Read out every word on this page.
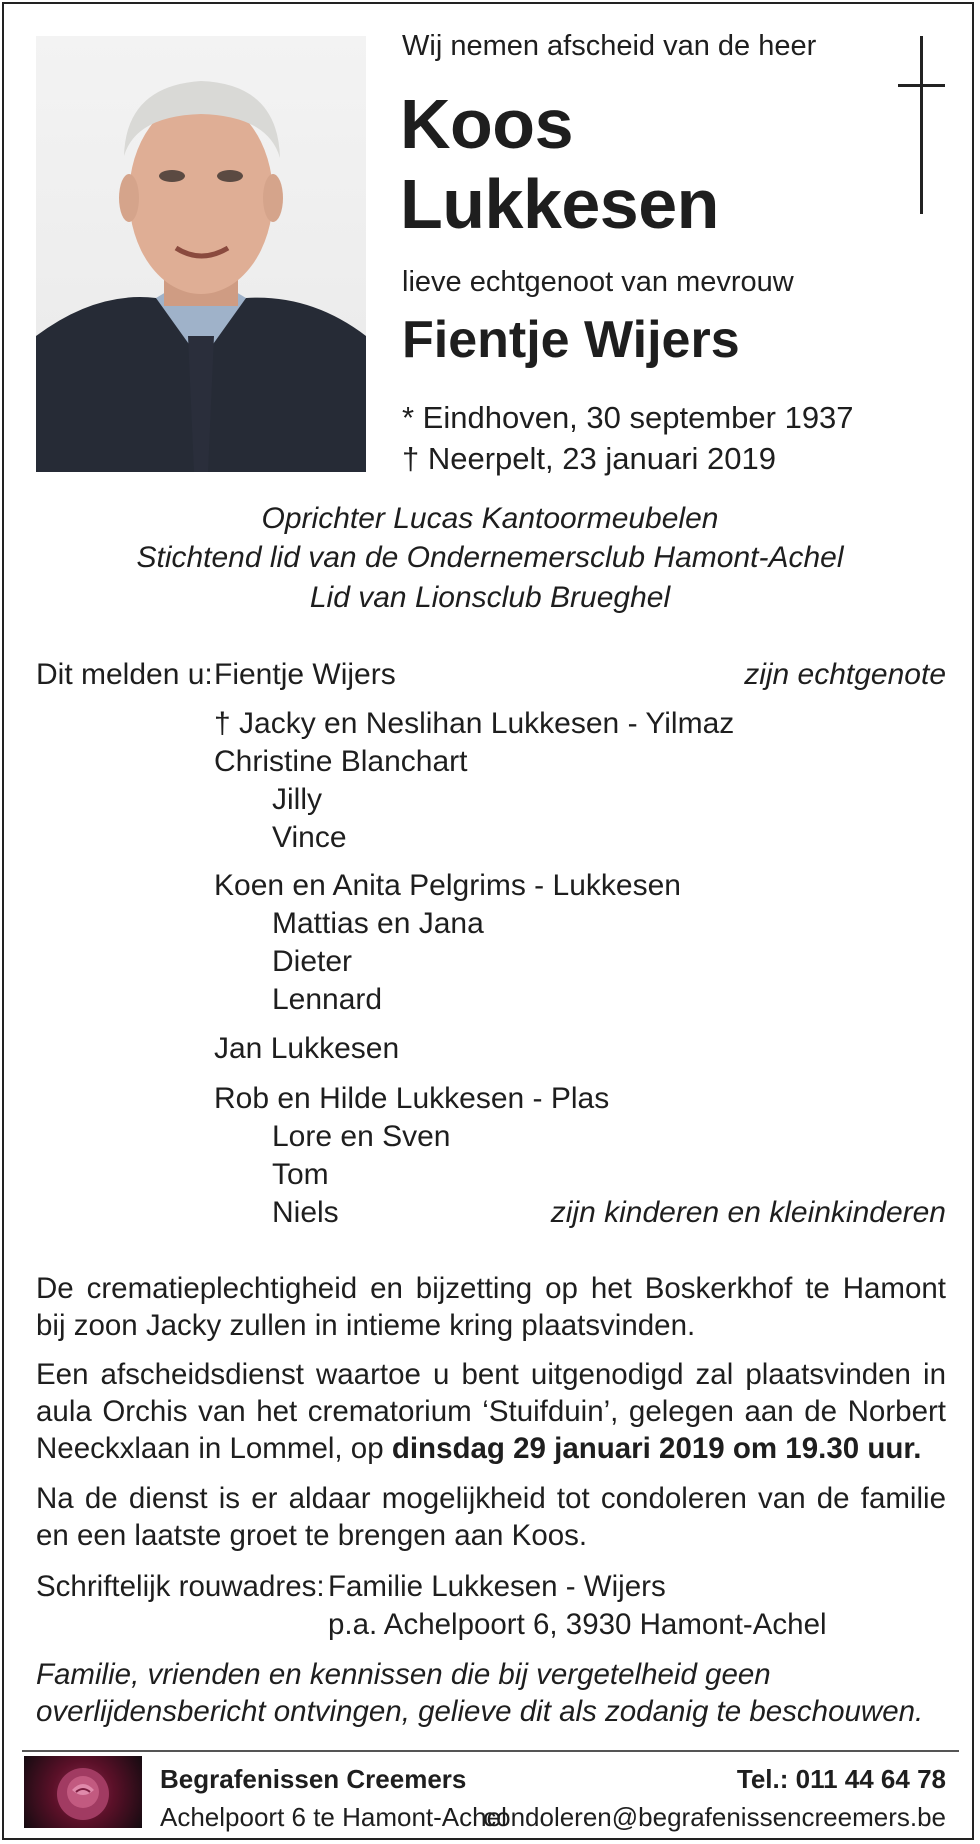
Wij nemen afscheid van de heer
Koos
Lukkesen
lieve echtgenoot van mevrouw
Fientje Wijers
* Eindhoven, 30 september 1937
† Neerpelt, 23 januari 2019
Oprichter Lucas Kantoormeubelen
Stichtend lid van de Ondernemersclub Hamont-Achel
Lid van Lionsclub Brueghel
Dit melden u: Fientje Wijers	zijn echtgenote
† Jacky en Neslihan Lukkesen - Yilmaz
Christine Blanchart
Jilly
Vince
Koen en Anita Pelgrims - Lukkesen
Mattias en Jana
Dieter
Lennard
Jan Lukkesen
Rob en Hilde Lukkesen - Plas
Lore en Sven
Tom
Niels	zijn kinderen en kleinkinderen
De crematieplechtigheid en bijzetting op het Boskerkhof te Hamont bij zoon Jacky zullen in intieme kring plaatsvinden.
Een afscheidsdienst waartoe u bent uitgenodigd zal plaatsvinden in aula Orchis van het crematorium ‘Stuifduin’, gelegen aan de Norbert Neeckxlaan in Lommel, op dinsdag 29 januari 2019 om 19.30 uur.
Na de dienst is er aldaar mogelijkheid tot condoleren van de familie en een laatste groet te brengen aan Koos.
Schriftelijk rouwadres: Familie Lukkesen - Wijers
p.a. Achelpoort 6, 3930 Hamont-Achel
Familie, vrienden en kennissen die bij vergetelheid geen overlijdensbericht ontvingen, gelieve dit als zodanig te beschouwen.
Begrafenissen Creemers
Achelpoort 6 te Hamont-Achel
Tel.: 011 44 64 78
condoleren@begrafenissencreemers.be
